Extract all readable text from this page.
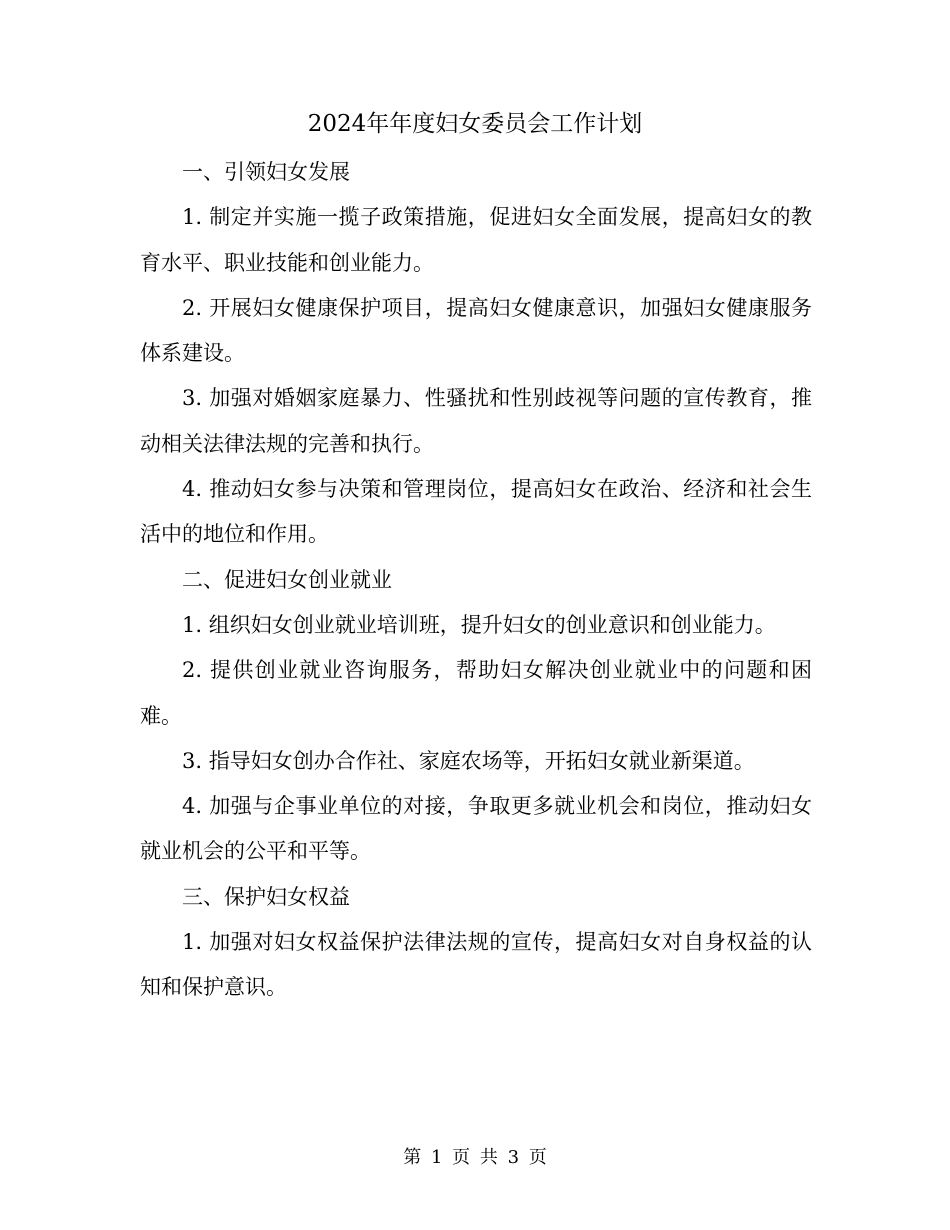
2024年年度妇女委员会工作计划

一、引领妇女发展

1. 制定并实施一揽子政策措施，促进妇女全面发展，提高妇女的教育水平、职业技能和创业能力。

2. 开展妇女健康保护项目，提高妇女健康意识，加强妇女健康服务体系建设。

3. 加强对婚姻家庭暴力、性骚扰和性别歧视等问题的宣传教育，推动相关法律法规的完善和执行。

4. 推动妇女参与决策和管理岗位，提高妇女在政治、经济和社会生活中的地位和作用。

二、促进妇女创业就业

1. 组织妇女创业就业培训班，提升妇女的创业意识和创业能力。

2. 提供创业就业咨询服务，帮助妇女解决创业就业中的问题和困难。

3. 指导妇女创办合作社、家庭农场等，开拓妇女就业新渠道。

4. 加强与企事业单位的对接，争取更多就业机会和岗位，推动妇女就业机会的公平和平等。

三、保护妇女权益

1. 加强对妇女权益保护法律法规的宣传，提高妇女对自身权益的认知和保护意识。

第 1 页 共 3 页
